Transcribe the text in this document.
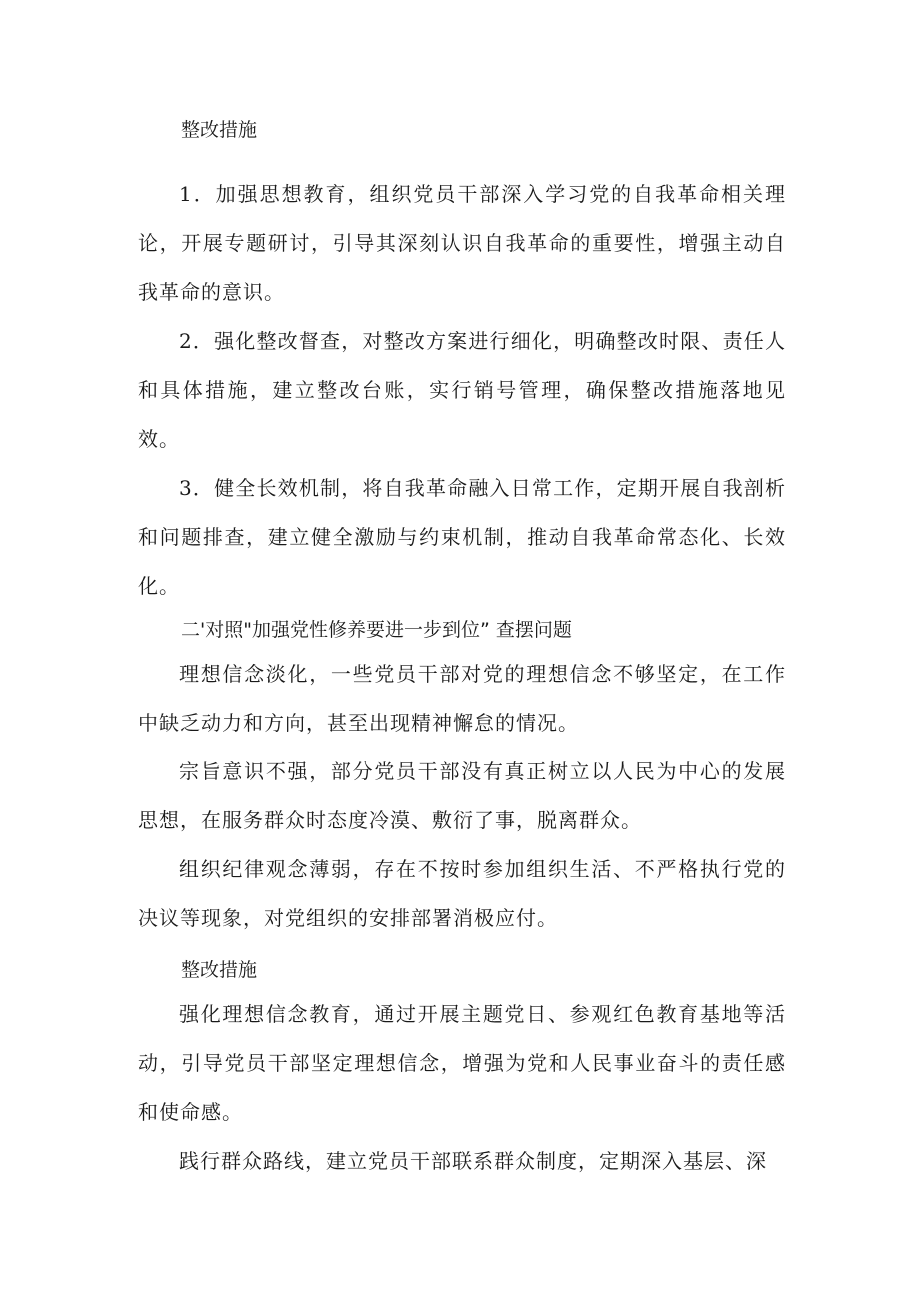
整改措施

1．加强思想教育，组织党员干部深入学习党的自我革命相关理论，开展专题研讨，引导其深刻认识自我革命的重要性，增强主动自我革命的意识。

2．强化整改督查，对整改方案进行细化，明确整改时限、责任人和具体措施，建立整改台账，实行销号管理，确保整改措施落地见效。

3．健全长效机制，将自我革命融入日常工作，定期开展自我剖析和问题排查，建立健全激励与约束机制，推动自我革命常态化、长效化。

二'对照"加强党性修养要进一步到位” 查摆问题

理想信念淡化，一些党员干部对党的理想信念不够坚定，在工作中缺乏动力和方向，甚至出现精神懈怠的情况。

宗旨意识不强，部分党员干部没有真正树立以人民为中心的发展思想，在服务群众时态度冷漠、敷衍了事，脱离群众。

组织纪律观念薄弱，存在不按时参加组织生活、不严格执行党的决议等现象，对党组织的安排部署消极应付。

整改措施

强化理想信念教育，通过开展主题党日、参观红色教育基地等活动，引导党员干部坚定理想信念，增强为党和人民事业奋斗的责任感和使命感。

践行群众路线，建立党员干部联系群众制度，定期深入基层、深
